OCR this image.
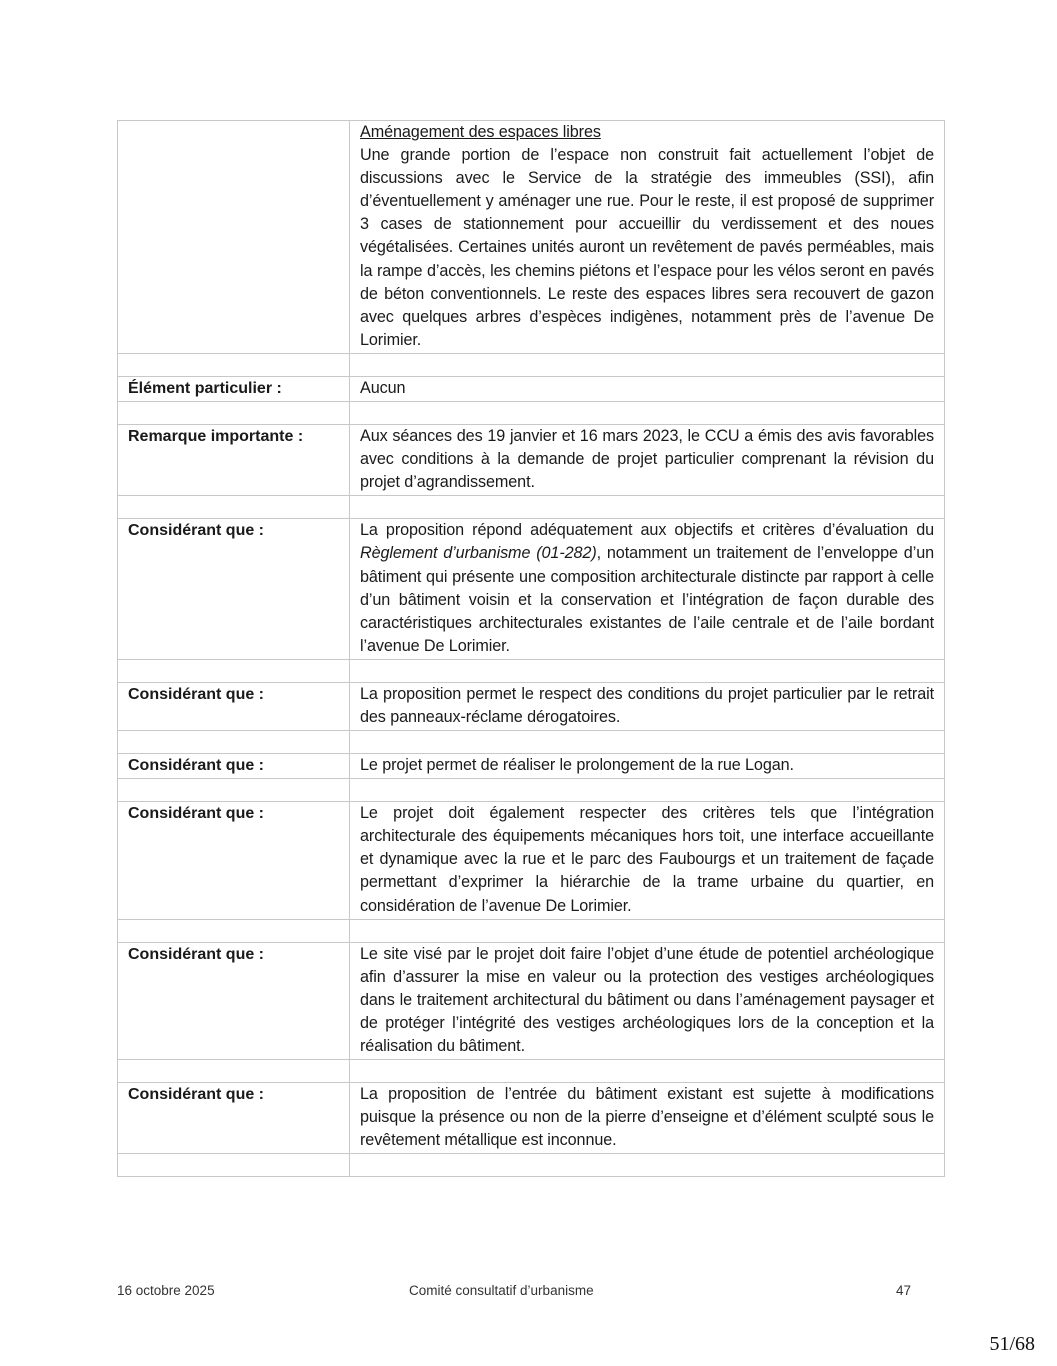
	Aménagement des espaces libres
Une grande portion de l’espace non construit fait actuellement l’objet de discussions avec le Service de la stratégie des immeubles (SSI), afin d’éventuellement y aménager une rue. Pour le reste, il est proposé de supprimer 3 cases de stationnement pour accueillir du verdissement et des noues végétalisées. Certaines unités auront un revêtement de pavés perméables, mais la rampe d’accès, les chemins piétons et l’espace pour les vélos seront en pavés de béton conventionnels. Le reste des espaces libres sera recouvert de gazon avec quelques arbres d’espèces indigènes, notamment près de l’avenue De Lorimier.

Élément particulier :	Aucun

Remarque importante :	Aux séances des 19 janvier et 16 mars 2023, le CCU a émis des avis favorables avec conditions à la demande de projet particulier comprenant la révision du projet d’agrandissement.

Considérant que :	La proposition répond adéquatement aux objectifs et critères d’évaluation du Règlement d’urbanisme (01-282), notamment un traitement de l’enveloppe d’un bâtiment qui présente une composition architecturale distincte par rapport à celle d’un bâtiment voisin et la conservation et l’intégration de façon durable des caractéristiques architecturales existantes de l’aile centrale et de l’aile bordant l’avenue De Lorimier.

Considérant que :	La proposition permet le respect des conditions du projet particulier par le retrait des panneaux-réclame dérogatoires.

Considérant que :	Le projet permet de réaliser le prolongement de la rue Logan.

Considérant que :	Le projet doit également respecter des critères tels que l’intégration architecturale des équipements mécaniques hors toit, une interface accueillante et dynamique avec la rue et le parc des Faubourgs et un traitement de façade permettant d’exprimer la hiérarchie de la trame urbaine du quartier, en considération de l’avenue De Lorimier.

Considérant que :	Le site visé par le projet doit faire l’objet d’une étude de potentiel archéologique afin d’assurer la mise en valeur ou la protection des vestiges archéologiques dans le traitement architectural du bâtiment ou dans l’aménagement paysager et de protéger l’intégrité des vestiges archéologiques lors de la conception et la réalisation du bâtiment.

Considérant que :	La proposition de l’entrée du bâtiment existant est sujette à modifications puisque la présence ou non de la pierre d’enseigne et d’élément sculpté sous le revêtement métallique est inconnue.

16 octobre 2025	Comité consultatif d’urbanisme	47
51/68
